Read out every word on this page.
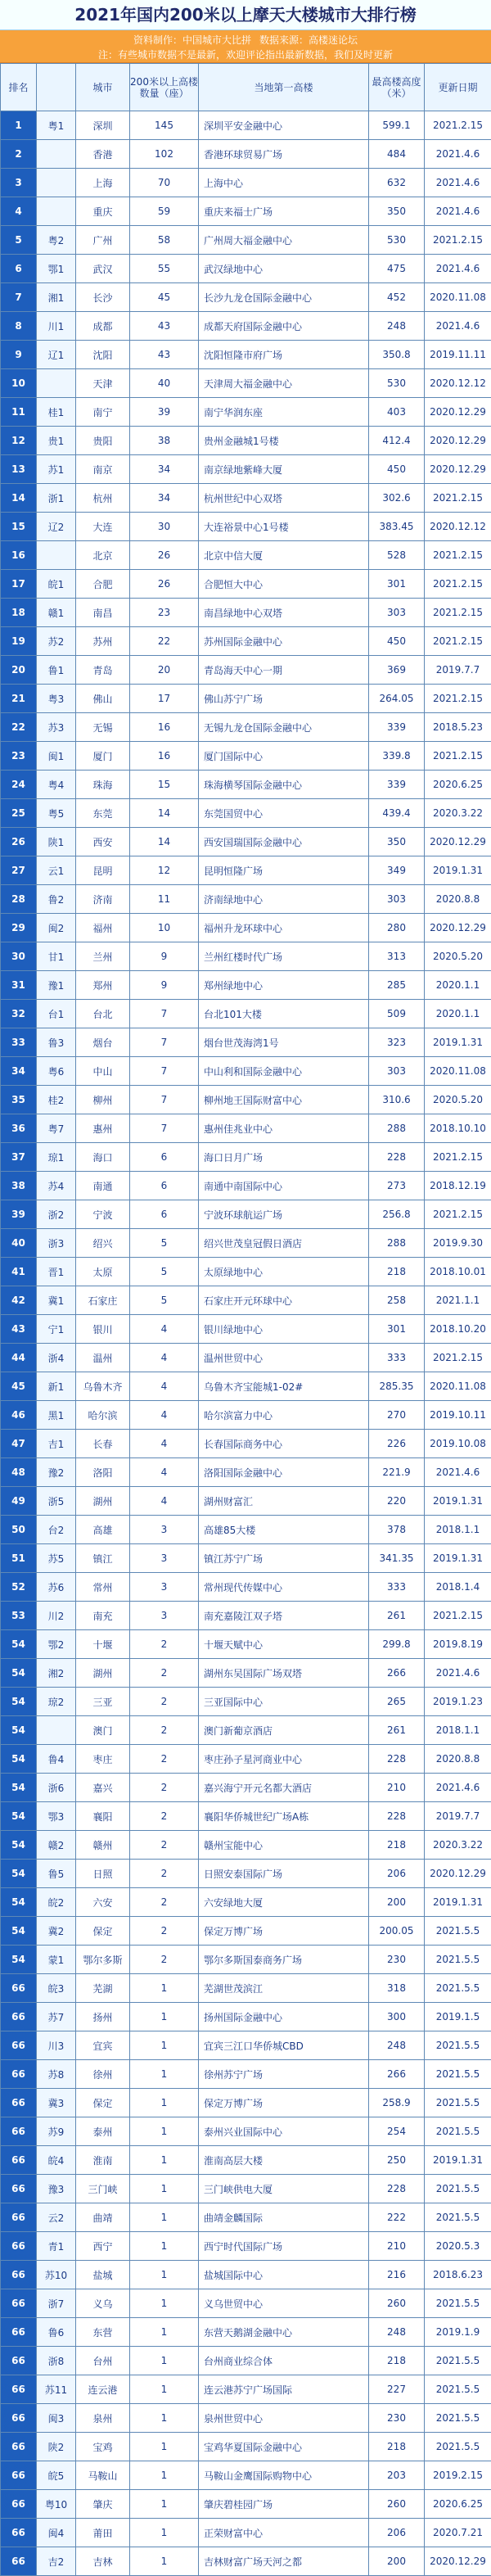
2021年国内200米以上摩天大楼城市大排行榜
资料制作：中国城市大比拼 数据来源：高楼迷论坛
注：有些城市数据不是最新，欢迎评论指出最新数据，我们及时更新
排名		城市	200米以上高楼数量（座）	当地第一高楼	最高楼高度（米）	更新日期
1	粤1	深圳	145	深圳平安金融中心	599.1	2021.2.15
2		香港	102	香港环球贸易广场	484	2021.4.6
3		上海	70	上海中心	632	2021.4.6
4		重庆	59	重庆来福士广场	350	2021.4.6
5	粤2	广州	58	广州周大福金融中心	530	2021.2.15
6	鄂1	武汉	55	武汉绿地中心	475	2021.4.6
7	湘1	长沙	45	长沙九龙仓国际金融中心	452	2020.11.08
8	川1	成都	43	成都天府国际金融中心	248	2021.4.6
9	辽1	沈阳	43	沈阳恒隆市府广场	350.8	2019.11.11
10		天津	40	天津周大福金融中心	530	2020.12.12
11	桂1	南宁	39	南宁华润东座	403	2020.12.29
12	贵1	贵阳	38	贵州金融城1号楼	412.4	2020.12.29
13	苏1	南京	34	南京绿地紫峰大厦	450	2020.12.29
14	浙1	杭州	34	杭州世纪中心双塔	302.6	2021.2.15
15	辽2	大连	30	大连裕景中心1号楼	383.45	2020.12.12
16		北京	26	北京中信大厦	528	2021.2.15
17	皖1	合肥	26	合肥恒大中心	301	2021.2.15
18	赣1	南昌	23	南昌绿地中心双塔	303	2021.2.15
19	苏2	苏州	22	苏州国际金融中心	450	2021.2.15
20	鲁1	青岛	20	青岛海天中心一期	369	2019.7.7
21	粤3	佛山	17	佛山苏宁广场	264.05	2021.2.15
22	苏3	无锡	16	无锡九龙仓国际金融中心	339	2018.5.23
23	闽1	厦门	16	厦门国际中心	339.8	2021.2.15
24	粤4	珠海	15	珠海横琴国际金融中心	339	2020.6.25
25	粤5	东莞	14	东莞国贸中心	439.4	2020.3.22
26	陕1	西安	14	西安国瑞国际金融中心	350	2020.12.29
27	云1	昆明	12	昆明恒隆广场	349	2019.1.31
28	鲁2	济南	11	济南绿地中心	303	2020.8.8
29	闽2	福州	10	福州升龙环球中心	280	2020.12.29
30	甘1	兰州	9	兰州红楼时代广场	313	2020.5.20
31	豫1	郑州	9	郑州绿地中心	285	2020.1.1
32	台1	台北	7	台北101大楼	509	2020.1.1
33	鲁3	烟台	7	烟台世茂海湾1号	323	2019.1.31
34	粤6	中山	7	中山利和国际金融中心	303	2020.11.08
35	桂2	柳州	7	柳州地王国际财富中心	310.6	2020.5.20
36	粤7	惠州	7	惠州佳兆业中心	288	2018.10.10
37	琼1	海口	6	海口日月广场	228	2021.2.15
38	苏4	南通	6	南通中南国际中心	273	2018.12.19
39	浙2	宁波	6	宁波环球航运广场	256.8	2021.2.15
40	浙3	绍兴	5	绍兴世茂皇冠假日酒店	288	2019.9.30
41	晋1	太原	5	太原绿地中心	218	2018.10.01
42	冀1	石家庄	5	石家庄开元环球中心	258	2021.1.1
43	宁1	银川	4	银川绿地中心	301	2018.10.20
44	浙4	温州	4	温州世贸中心	333	2021.2.15
45	新1	乌鲁木齐	4	乌鲁木齐宝能城1-02#	285.35	2020.11.08
46	黑1	哈尔滨	4	哈尔滨富力中心	270	2019.10.11
47	吉1	长春	4	长春国际商务中心	226	2019.10.08
48	豫2	洛阳	4	洛阳国际金融中心	221.9	2021.4.6
49	浙5	湖州	4	湖州财富汇	220	2019.1.31
50	台2	高雄	3	高雄85大楼	378	2018.1.1
51	苏5	镇江	3	镇江苏宁广场	341.35	2019.1.31
52	苏6	常州	3	常州现代传媒中心	333	2018.1.4
53	川2	南充	3	南充嘉陵江双子塔	261	2021.2.15
54	鄂2	十堰	2	十堰天赋中心	299.8	2019.8.19
54	湘2	湖州	2	湖州东吴国际广场双塔	266	2021.4.6
54	琼2	三亚	2	三亚国际中心	265	2019.1.23
54		澳门	2	澳门新葡京酒店	261	2018.1.1
54	鲁4	枣庄	2	枣庄孙子星河商业中心	228	2020.8.8
54	浙6	嘉兴	2	嘉兴海宁开元名都大酒店	210	2021.4.6
54	鄂3	襄阳	2	襄阳华侨城世纪广场A栋	228	2019.7.7
54	赣2	赣州	2	赣州宝能中心	218	2020.3.22
54	鲁5	日照	2	日照安泰国际广场	206	2020.12.29
54	皖2	六安	2	六安绿地大厦	200	2019.1.31
54	冀2	保定	2	保定万博广场	200.05	2021.5.5
54	蒙1	鄂尔多斯	2	鄂尔多斯国泰商务广场	230	2021.5.5
66	皖3	芜湖	1	芜湖世茂滨江	318	2021.5.5
66	苏7	扬州	1	扬州国际金融中心	300	2019.1.5
66	川3	宜宾	1	宜宾三江口华侨城CBD	248	2021.5.5
66	苏8	徐州	1	徐州苏宁广场	266	2021.5.5
66	冀3	保定	1	保定万博广场	258.9	2021.5.5
66	苏9	泰州	1	泰州兴业国际中心	254	2021.5.5
66	皖4	淮南	1	淮南高层大楼	250	2019.1.31
66	豫3	三门峡	1	三门峡供电大厦	228	2021.5.5
66	云2	曲靖	1	曲靖金麟国际	222	2021.5.5
66	青1	西宁	1	西宁时代国际广场	210	2020.5.3
66	苏10	盐城	1	盐城国际中心	216	2018.6.23
66	浙7	义乌	1	义乌世贸中心	260	2021.5.5
66	鲁6	东营	1	东营天鹅湖金融中心	248	2019.1.9
66	浙8	台州	1	台州商业综合体	218	2021.5.5
66	苏11	连云港	1	连云港苏宁广场国际	227	2021.5.5
66	闽3	泉州	1	泉州世贸中心	230	2021.5.5
66	陕2	宝鸡	1	宝鸡华夏国际金融中心	218	2021.5.5
66	皖5	马鞍山	1	马鞍山金鹰国际购物中心	203	2019.2.15
66	粤10	肇庆	1	肇庆碧桂园广场	260	2020.6.25
66	闽4	莆田	1	正荣财富中心	206	2020.7.21
66	吉2	吉林	1	吉林财富广场天河之都	200	2020.12.29
